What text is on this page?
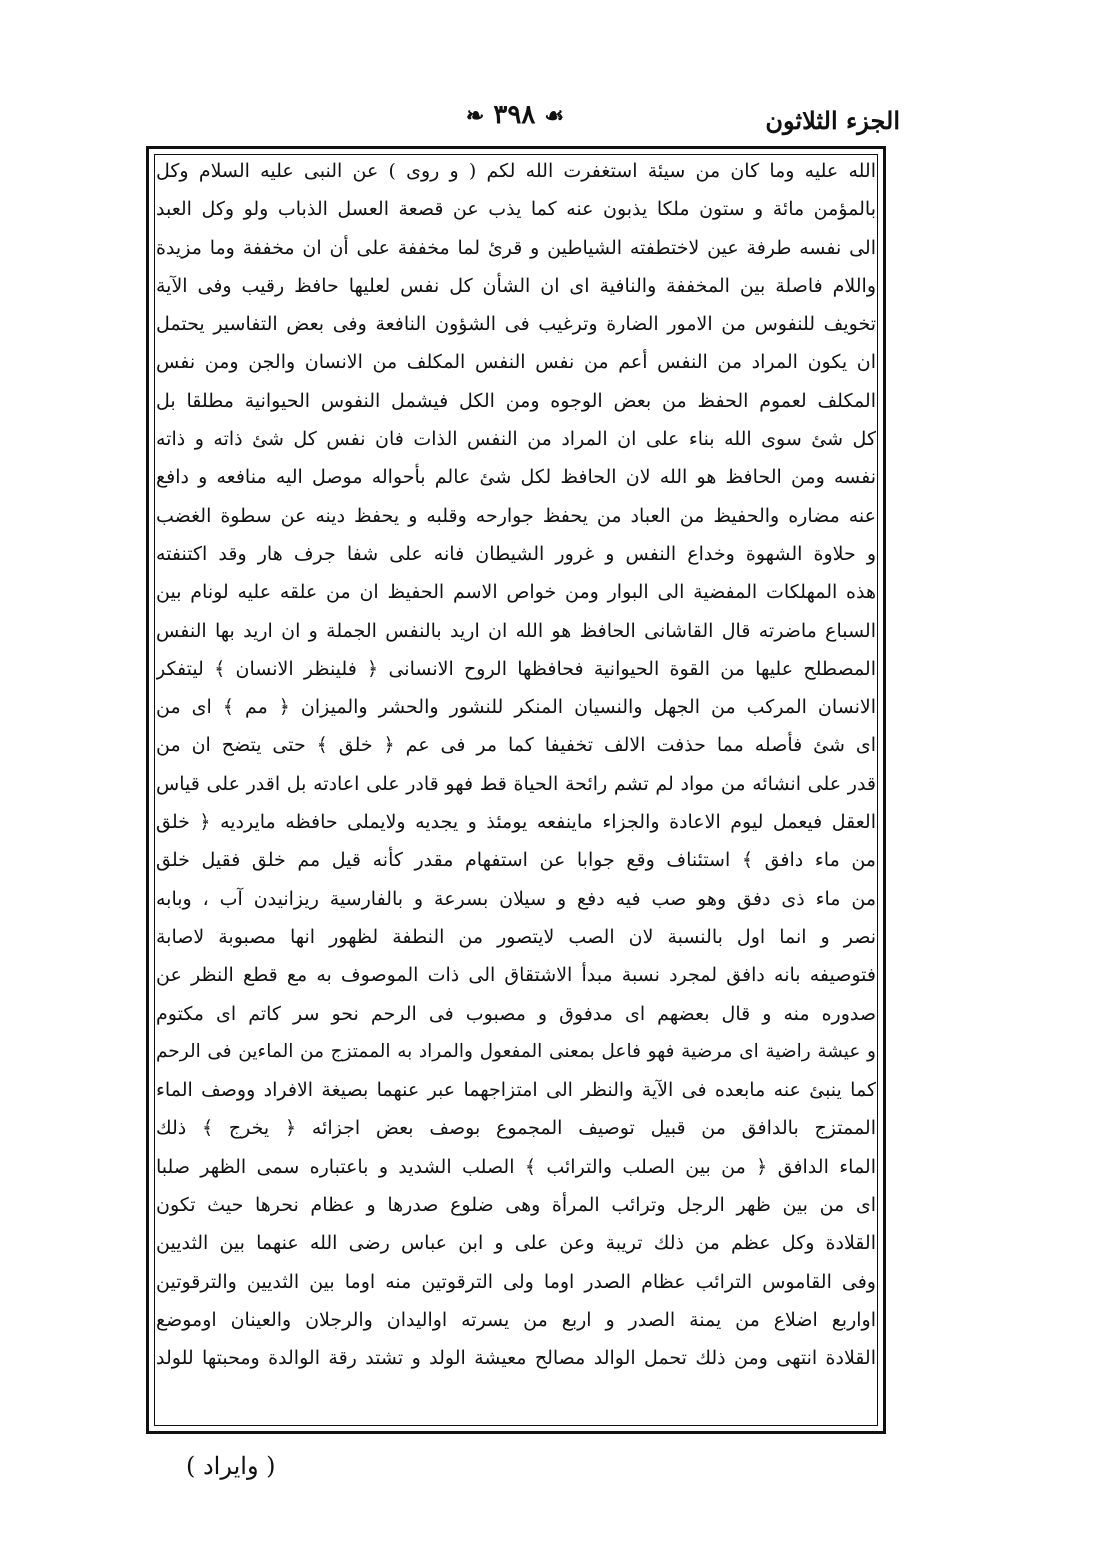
الجزء الثلاثون
❧ ٣٩٨ ☙
الله عليه وما كان من سيئة استغفرت الله لكم ( و روى ) عن النبى عليه السلام وكل
بالمؤمن مائة و ستون ملكا يذبون عنه كما يذب عن قصعة العسل الذباب ولو وكل العبد
الى نفسه طرفة عين لاختطفته الشياطين و قرئ لما مخففة على أن ان مخففة وما مزيدة
واللام فاصلة بين المخففة والنافية اى ان الشأن كل نفس لعليها حافظ رقيب وفى الآية
تخويف للنفوس من الامور الضارة وترغيب فى الشؤون النافعة وفى بعض التفاسير يحتمل
ان يكون المراد من النفس أعم من نفس النفس المكلف من الانسان والجن ومن نفس
المكلف لعموم الحفظ من بعض الوجوه ومن الكل فيشمل النفوس الحيوانية مطلقا بل
كل شئ سوى الله بناء على ان المراد من النفس الذات فان نفس كل شئ ذاته و ذاته
نفسه ومن الحافظ هو الله لان الحافظ لكل شئ عالم بأحواله موصل اليه منافعه و دافع
عنه مضاره والحفيظ من العباد من يحفظ جوارحه وقلبه و يحفظ دينه عن سطوة الغضب
و حلاوة الشهوة وخداع النفس و غرور الشيطان فانه على شفا جرف هار وقد اكتنفته
هذه المهلكات المفضية الى البوار ومن خواص الاسم الحفيظ ان من علقه عليه لونام بين
السباع ماضرته قال القاشانى الحافظ هو الله ان اريد بالنفس الجملة و ان اريد بها النفس
المصطلح عليها من القوة الحيوانية فحافظها الروح الانسانى ﴿ فلينظر الانسان ﴾ ليتفكر
الانسان المركب من الجهل والنسيان المنكر للنشور والحشر والميزان ﴿ مم ﴾ اى من
اى شئ فأصله مما حذفت الالف تخفيفا كما مر فى عم ﴿ خلق ﴾ حتى يتضح ان من
قدر على انشائه من مواد لم تشم رائحة الحياة قط فهو قادر على اعادته بل اقدر على قياس
العقل فيعمل ليوم الاعادة والجزاء ماينفعه يومئذ و يجديه ولايملى حافظه مايرديه ﴿ خلق
من ماء دافق ﴾ استئناف وقع جوابا عن استفهام مقدر كأنه قيل مم خلق فقيل خلق
من ماء ذى دفق وهو صب فيه دفع و سيلان بسرعة و بالفارسية ريزانيدن آب ، وبابه
نصر و انما اول بالنسبة لان الصب لايتصور من النطفة لظهور انها مصبوبة لاصابة
فتوصيفه بانه دافق لمجرد نسبة مبدأ الاشتقاق الى ذات الموصوف به مع قطع النظر عن
صدوره منه و قال بعضهم اى مدفوق و مصبوب فى الرحم نحو سر كاتم اى مكتوم
و عيشة راضية اى مرضية فهو فاعل بمعنى المفعول والمراد به الممتزج من الماءين فى الرحم
كما ينبئ عنه مابعده فى الآية والنظر الى امتزاجهما عبر عنهما بصيغة الافراد ووصف الماء
الممتزج بالدافق من قبيل توصيف المجموع بوصف بعض اجزائه ﴿ يخرج ﴾ ذلك
الماء الدافق ﴿ من بين الصلب والترائب ﴾ الصلب الشديد و باعتباره سمى الظهر صلبا
اى من بين ظهر الرجل وترائب المرأة وهى ضلوع صدرها و عظام نحرها حيث تكون
القلادة وكل عظم من ذلك تريبة وعن على و ابن عباس رضى الله عنهما بين الثديين
وفى القاموس الترائب عظام الصدر اوما ولى الترقوتين منه اوما بين الثديين والترقوتين
اواربع اضلاع من يمنة الصدر و اربع من يسرته اواليدان والرجلان والعينان اوموضع
القلادة انتهى ومن ذلك تحمل الوالد مصالح معيشة الولد و تشتد رقة الوالدة ومحبتها للولد
( وايراد )
